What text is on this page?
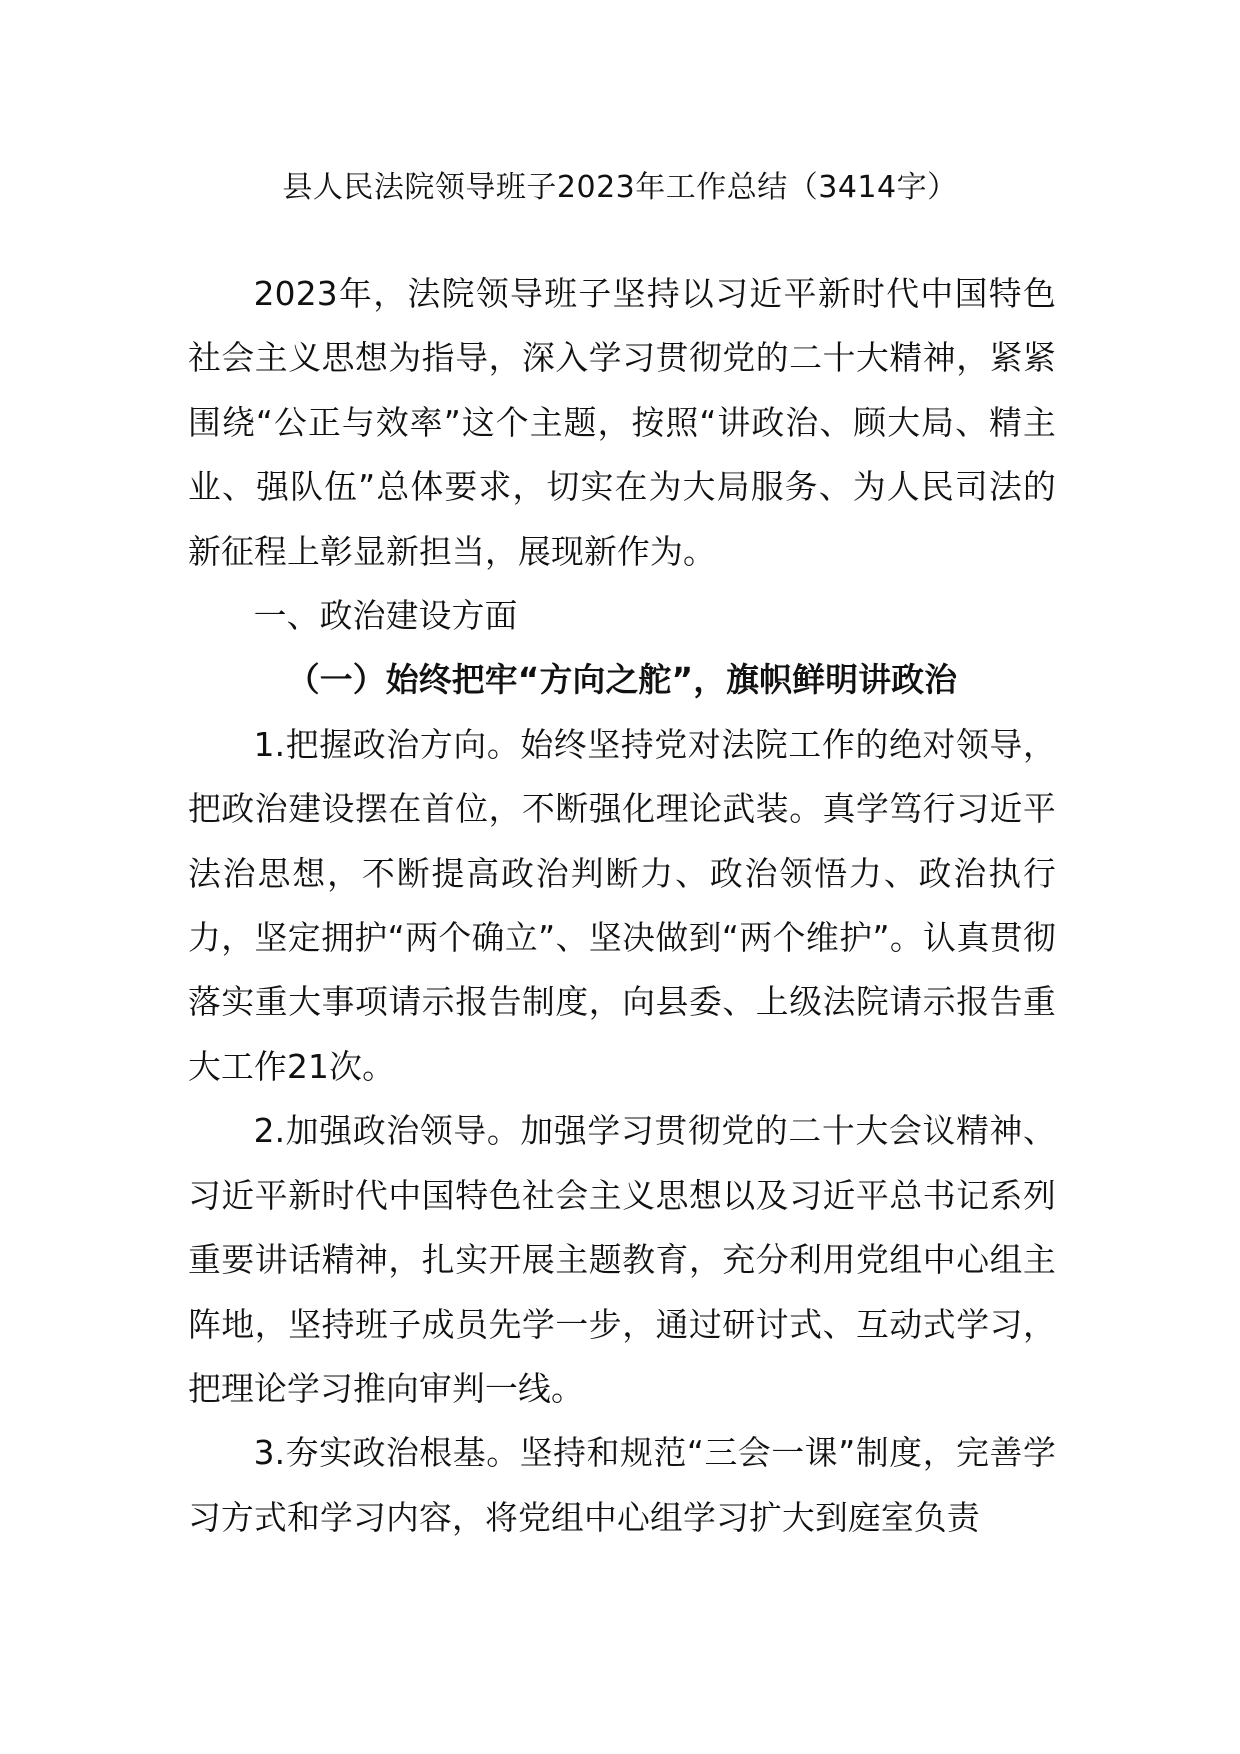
县人民法院领导班子2023年工作总结（3414字）

2023年，法院领导班子坚持以习近平新时代中国特色社会主义思想为指导，深入学习贯彻党的二十大精神，紧紧围绕“公正与效率”这个主题，按照“讲政治、顾大局、精主业、强队伍”总体要求，切实在为大局服务、为人民司法的新征程上彰显新担当，展现新作为。

一、政治建设方面

（一）始终把牢“方向之舵”，旗帜鲜明讲政治

1.把握政治方向。始终坚持党对法院工作的绝对领导，把政治建设摆在首位，不断强化理论武装。真学笃行习近平法治思想，不断提高政治判断力、政治领悟力、政治执行力，坚定拥护“两个确立”、坚决做到“两个维护”。认真贯彻落实重大事项请示报告制度，向县委、上级法院请示报告重大工作21次。

2.加强政治领导。加强学习贯彻党的二十大会议精神、习近平新时代中国特色社会主义思想以及习近平总书记系列重要讲话精神，扎实开展主题教育，充分利用党组中心组主阵地，坚持班子成员先学一步，通过研讨式、互动式学习，把理论学习推向审判一线。

3.夯实政治根基。坚持和规范“三会一课”制度，完善学习方式和学习内容，将党组中心组学习扩大到庭室负责
